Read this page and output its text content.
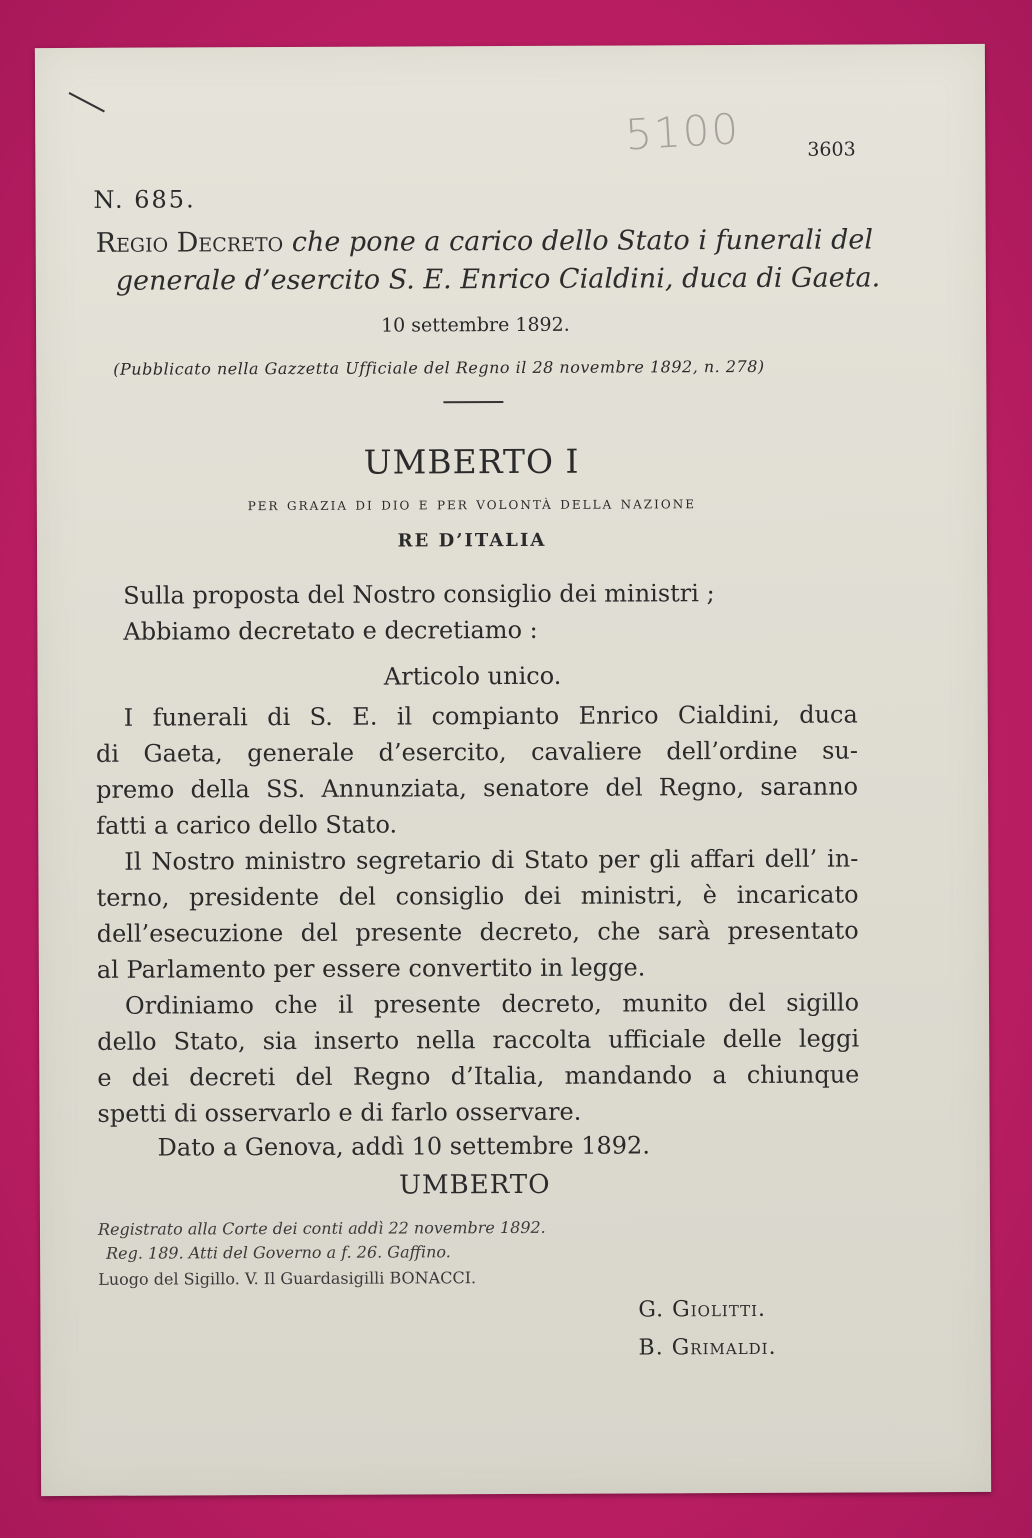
5100	3603
N. 685.
Regio Decreto che pone a carico dello Stato i funerali del
generale d’esercito S. E. Enrico Cialdini, duca di Gaeta.
10 settembre 1892.
(Pubblicato nella Gazzetta Ufficiale del Regno il 28 novembre 1892, n. 278)
UMBERTO I
per grazia di dio e per volontà della nazione
RE D’ITALIA
Sulla proposta del Nostro consiglio dei ministri ;
Abbiamo decretato e decretiamo :
Articolo unico.
I funerali di S. E. il compianto Enrico Cialdini, duca
di Gaeta, generale d’esercito, cavaliere dell’ordine su-
premo della SS. Annunziata, senatore del Regno, saranno
fatti a carico dello Stato.
Il Nostro ministro segretario di Stato per gli affari dell’ in-
terno, presidente del consiglio dei ministri, è incaricato
dell’esecuzione del presente decreto, che sarà presentato
al Parlamento per essere convertito in legge.
Ordiniamo che il presente decreto, munito del sigillo
dello Stato, sia inserto nella raccolta ufficiale delle leggi
e dei decreti del Regno d’Italia, mandando a chiunque
spetti di osservarlo e di farlo osservare.
Dato a Genova, addì 10 settembre 1892.
UMBERTO
Registrato alla Corte dei conti addì 22 novembre 1892.
Reg. 189. Atti del Governo a f. 26. Gaffino.
Luogo del Sigillo. V. Il Guardasigilli BONACCI.
G. Giolitti.
B. Grimaldi.
